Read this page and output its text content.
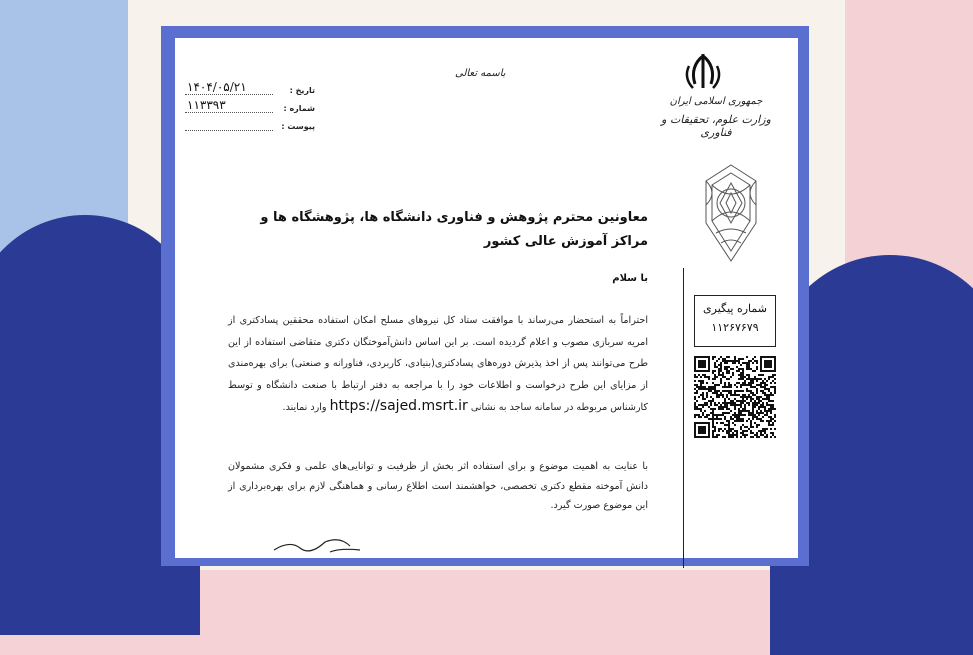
جمهوری اسلامی ایران
وزارت علوم، تحقیقات و فناوری
باسمه تعالی
تاریخ :
۱۴۰۴/۰۵/۲۱
شماره :
۱۱۳۳۹۳
پیوست :
شماره پیگیری
۱۱۲۶۷۶۷۹
معاونین محترم پژوهش و فناوری دانشگاه ها، پژوهشگاه ها و مراکز آموزش عالی کشور
با سلام
احتراماً به استحضار می‌رساند با موافقت ستاد کل نیروهای مسلح امکان استفاده محققین پسادکتری از امریه سربازی مصوب و اعلام گردیده است. بر این اساس دانش‌آموختگان دکتری متقاضی استفاده از این طرح می‌توانند پس از اخذ پذیرش دوره‌های پسادکتری(بنیادی، کاربردی، فناورانه و صنعتی) برای بهره‌مندی از مزایای این طرح درخواست و اطلاعات خود را با مراجعه به دفتر ارتباط با صنعت دانشگاه و توسط کارشناس مربوطه در سامانه ساجد به نشانی https://sajed.msrt.ir وارد نمایند.
با عنایت به اهمیت موضوع و برای استفاده اثر بخش از ظرفیت و توانایی‌های علمی و فکری مشمولان دانش آموخته مقطع دکتری تخصصی، خواهشمند است اطلاع رسانی و هماهنگی لازم برای بهره‌برداری از این موضوع صورت گیرد.
